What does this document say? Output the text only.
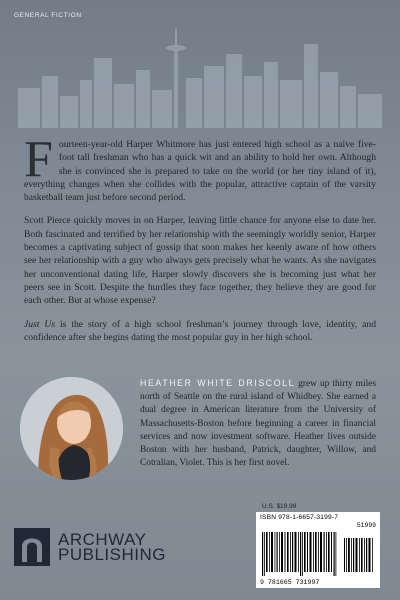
GENERAL FICTION

Fourteen-year-old Harper Whitmore has just entered high school as a naive five-foot tall freshman who has a quick wit and an ability to hold her own. Although she is convinced she is prepared to take on the world (or her tiny island of it), everything changes when she collides with the popular, attractive captain of the varsity basketball team just before second period.

Scott Pierce quickly moves in on Harper, leaving little chance for anyone else to date her. Both fascinated and terrified by her relationship with the seemingly worldly senior, Harper becomes a captivating subject of gossip that soon makes her keenly aware of how others see her relationship with a guy who always gets precisely what he wants. As she navigates her unconventional dating life, Harper slowly discovers she is becoming just what her peers see in Scott. Despite the hurdles they face together, they believe they are good for each other. But at whose expense?

Just Us is the story of a high school freshman’s journey through love, identity, and confidence after she begins dating the most popular guy in her high school.

HEATHER WHITE DRISCOLL grew up thirty miles north of Seattle on the rural island of Whidbey. She earned a dual degree in American literature from the University of Massachusetts-Boston before beginning a career in financial services and now investment software. Heather lives outside Boston with her husband, Patrick, daughter, Willow, and Cotralian, Violet. This is her first novel.
ARCHWAY
PUBLISHING
U.S. $19.99
ISBN 978-1-6657-3199-7
51999
9 781665 731997
